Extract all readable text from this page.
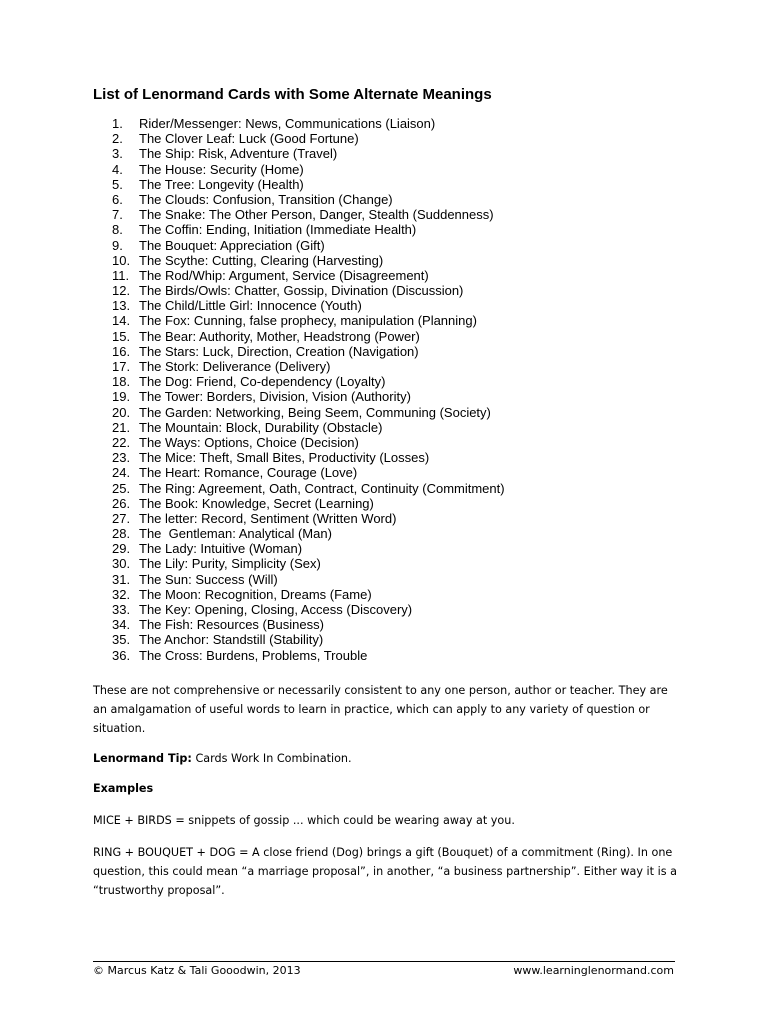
List of Lenormand Cards with Some Alternate Meanings
1.	Rider/Messenger: News, Communications (Liaison)
2.	The Clover Leaf: Luck (Good Fortune)
3.	The Ship: Risk, Adventure (Travel)
4.	The House: Security (Home)
5.	The Tree: Longevity (Health)
6.	The Clouds: Confusion, Transition (Change)
7.	The Snake: The Other Person, Danger, Stealth (Suddenness)
8.	The Coffin: Ending, Initiation (Immediate Health)
9.	The Bouquet: Appreciation (Gift)
10. The Scythe: Cutting, Clearing (Harvesting)
11. The Rod/Whip: Argument, Service (Disagreement)
12. The Birds/Owls: Chatter, Gossip, Divination (Discussion)
13. The Child/Little Girl: Innocence (Youth)
14. The Fox: Cunning, false prophecy, manipulation (Planning)
15. The Bear: Authority, Mother, Headstrong (Power)
16. The Stars: Luck, Direction, Creation (Navigation)
17. The Stork: Deliverance (Delivery)
18. The Dog: Friend, Co-dependency (Loyalty)
19. The Tower: Borders, Division, Vision (Authority)
20. The Garden: Networking, Being Seem, Communing (Society)
21. The Mountain: Block, Durability (Obstacle)
22. The Ways: Options, Choice (Decision)
23. The Mice: Theft, Small Bites, Productivity (Losses)
24. The Heart: Romance, Courage (Love)
25. The Ring: Agreement, Oath, Contract, Continuity (Commitment)
26. The Book: Knowledge, Secret (Learning)
27. The letter: Record, Sentiment (Written Word)
28. The  Gentleman: Analytical (Man)
29. The Lady: Intuitive (Woman)
30. The Lily: Purity, Simplicity (Sex)
31. The Sun: Success (Will)
32. The Moon: Recognition, Dreams (Fame)
33. The Key: Opening, Closing, Access (Discovery)
34. The Fish: Resources (Business)
35. The Anchor: Standstill (Stability)
36. The Cross: Burdens, Problems, Trouble

These are not comprehensive or necessarily consistent to any one person, author or teacher. They are an amalgamation of useful words to learn in practice, which can apply to any variety of question or situation.

Lenormand Tip: Cards Work In Combination.

Examples

MICE + BIRDS = snippets of gossip ... which could be wearing away at you.

RING + BOUQUET + DOG = A close friend (Dog) brings a gift (Bouquet) of a commitment (Ring). In one question, this could mean “a marriage proposal”, in another, “a business partnership”. Either way it is a “trustworthy proposal”.

© Marcus Katz & Tali Gooodwin, 2013	www.learninglenormand.com
